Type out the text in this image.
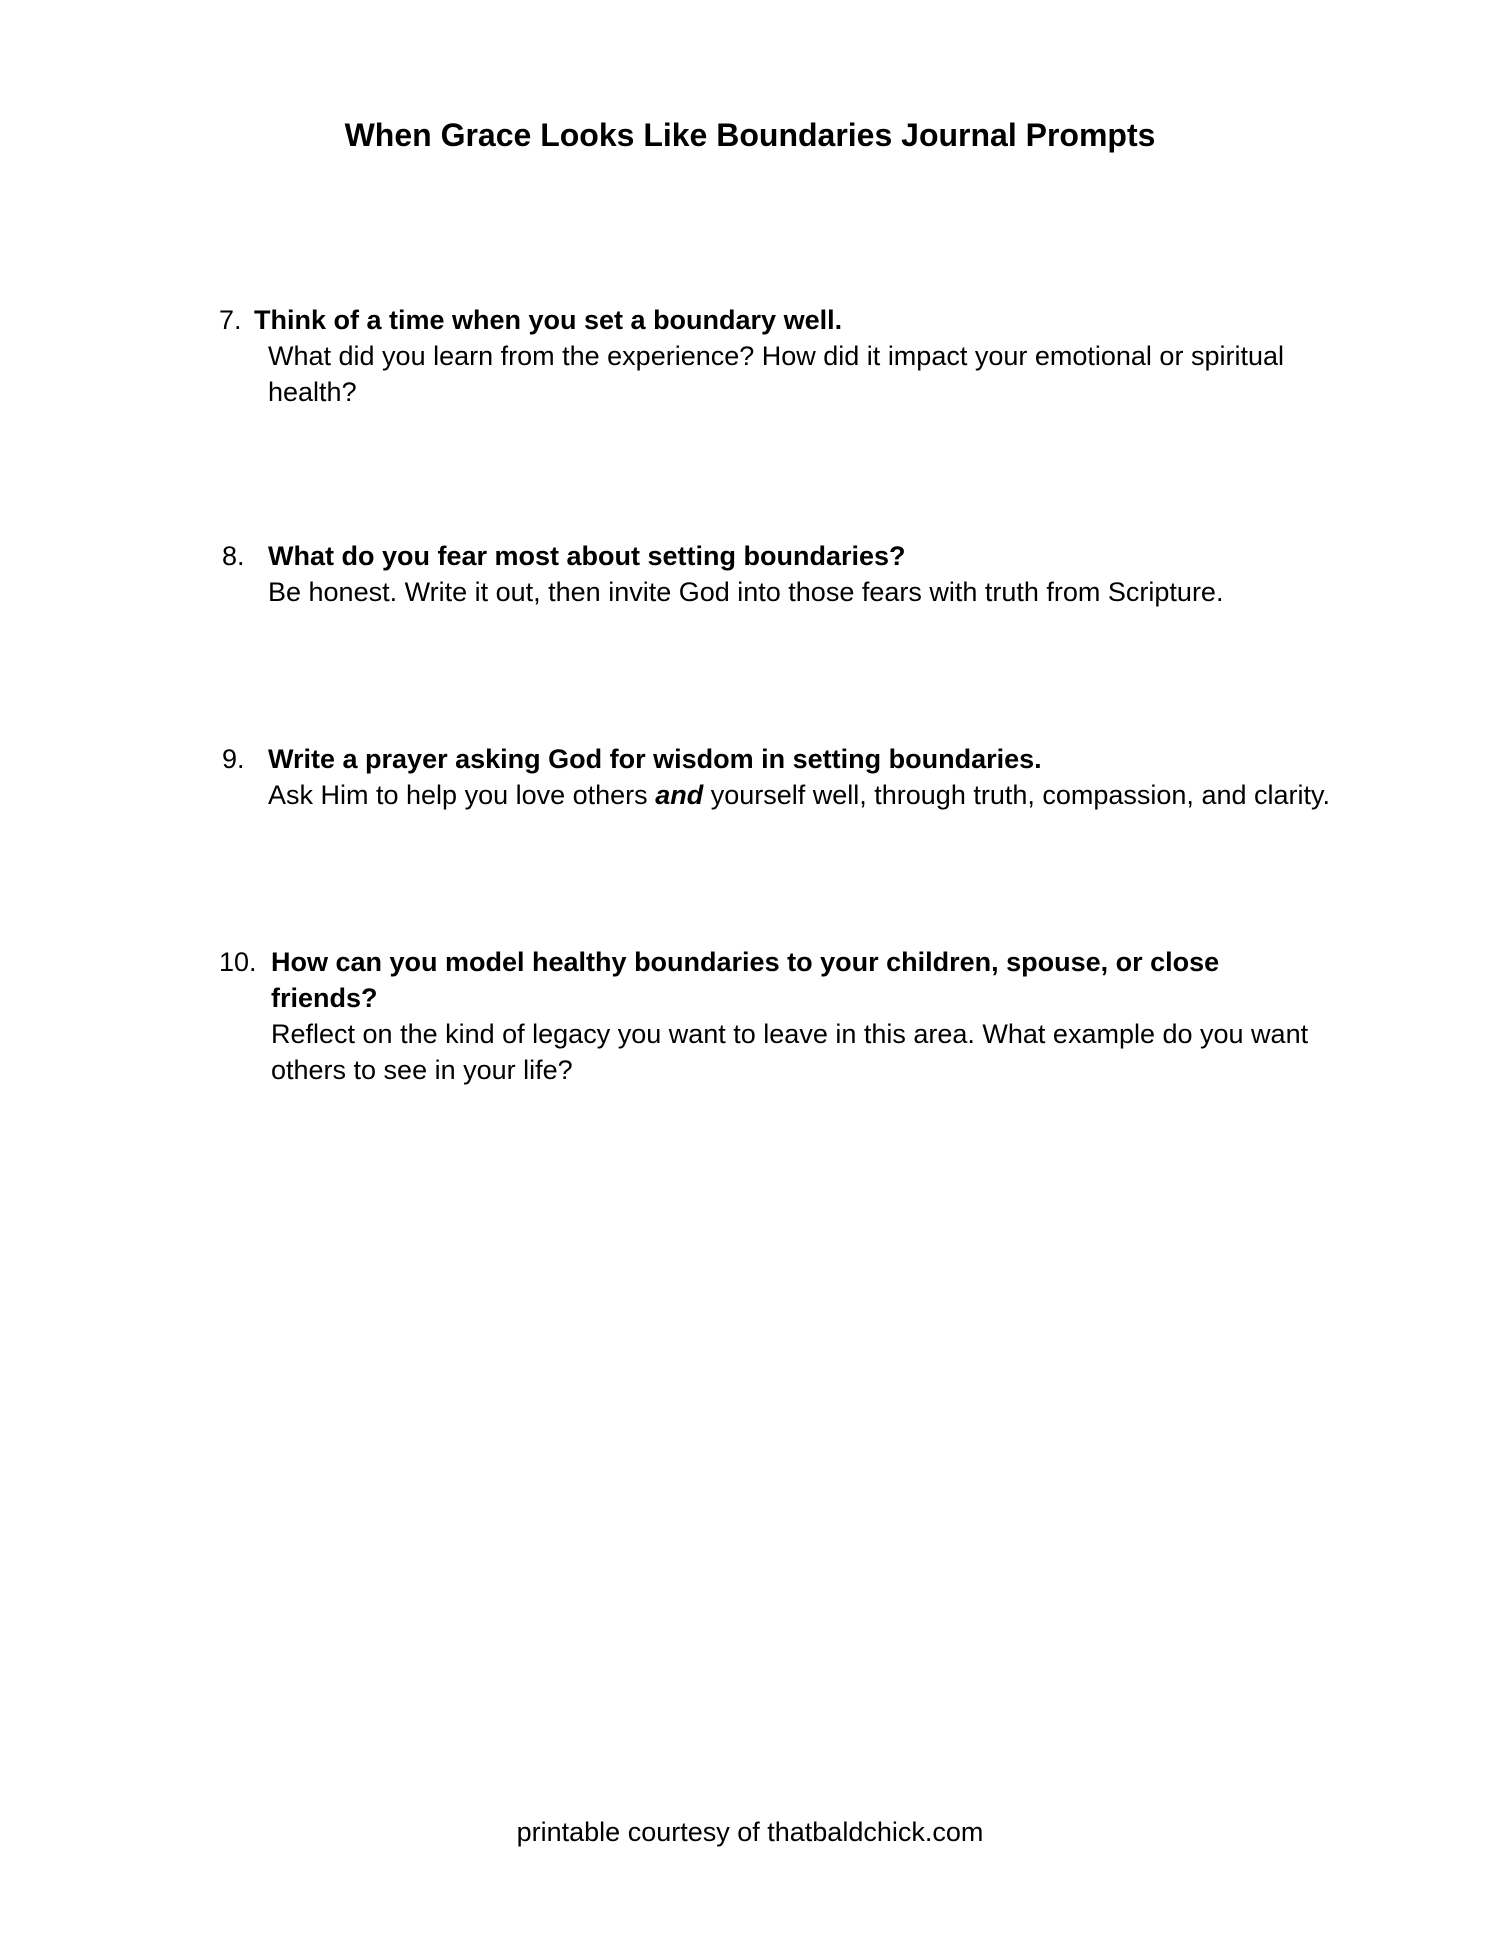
When Grace Looks Like Boundaries Journal Prompts
7. Think of a time when you set a boundary well.
What did you learn from the experience? How did it impact your emotional or spiritual health?
8. What do you fear most about setting boundaries?
Be honest. Write it out, then invite God into those fears with truth from Scripture.
9. Write a prayer asking God for wisdom in setting boundaries.
Ask Him to help you love others and yourself well, through truth, compassion, and clarity.
10. How can you model healthy boundaries to your children, spouse, or close friends?
Reflect on the kind of legacy you want to leave in this area. What example do you want others to see in your life?
printable courtesy of thatbaldchick.com
